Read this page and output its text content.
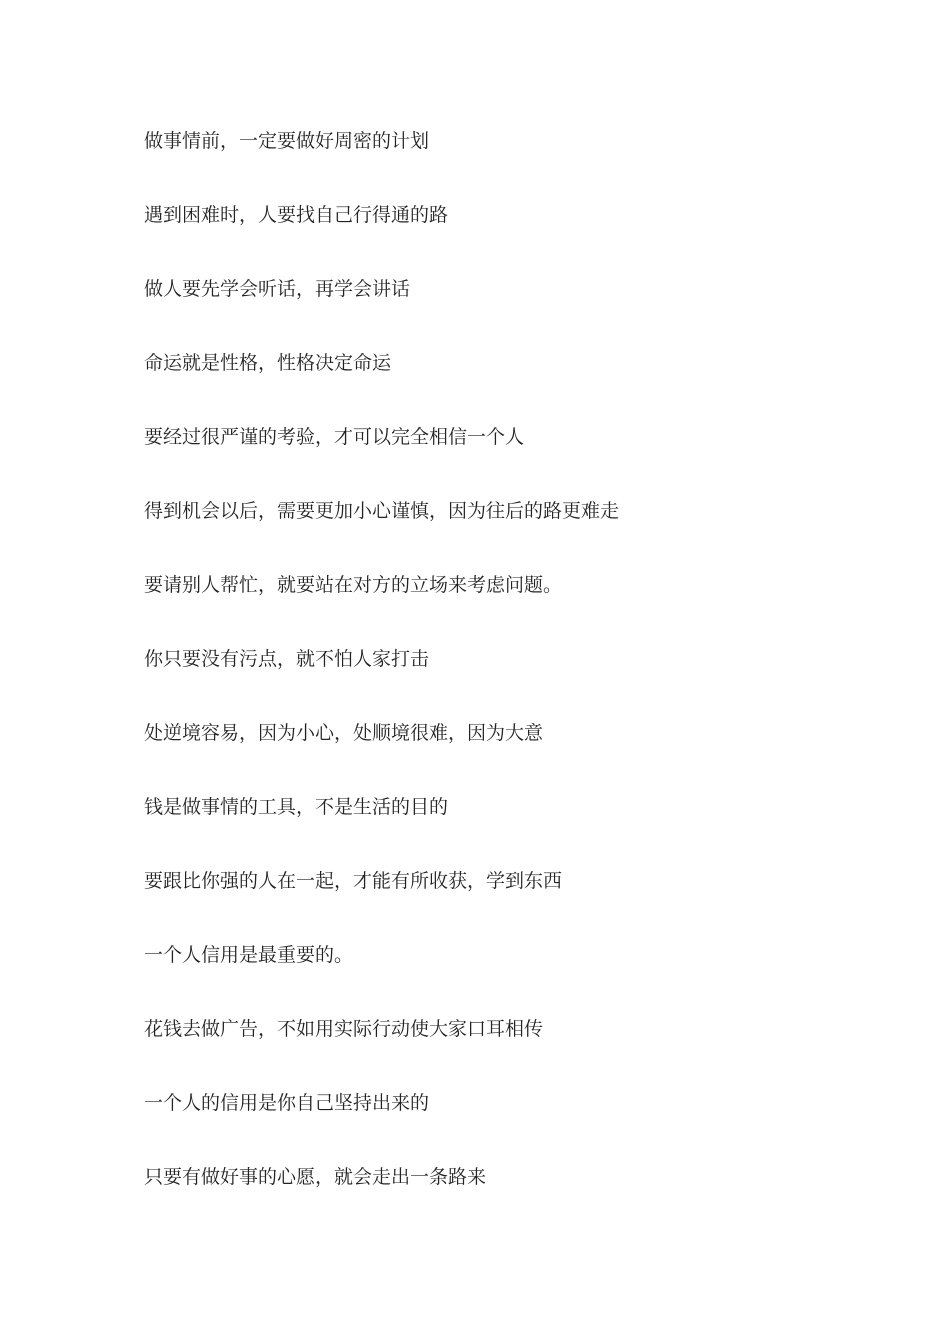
做事情前，一定要做好周密的计划
遇到困难时，人要找自己行得通的路
做人要先学会听话，再学会讲话
命运就是性格，性格决定命运
要经过很严谨的考验，才可以完全相信一个人
得到机会以后，需要更加小心谨慎，因为往后的路更难走
要请别人帮忙，就要站在对方的立场来考虑问题。
你只要没有污点，就不怕人家打击
处逆境容易，因为小心，处顺境很难，因为大意
钱是做事情的工具，不是生活的目的
要跟比你强的人在一起，才能有所收获，学到东西
一个人信用是最重要的。
花钱去做广告，不如用实际行动使大家口耳相传
一个人的信用是你自己坚持出来的
只要有做好事的心愿，就会走出一条路来
